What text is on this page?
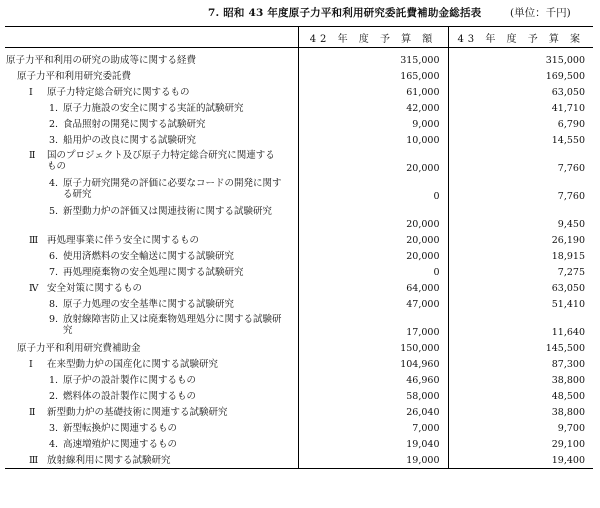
7. 昭和 43 年度原子力平和利用研究委託費補助金総括表	(単位：千円)
	42 年 度 予 算 額	43 年 度 予 算 案

原子力平和利用の研究の助成等に関する経費	315,000	315,000

原子力平和利用研究委託費	165,000	169,500

Ⅰ 原子力特定総合研究に関するもの	61,000	63,050

1. 原子力施設の安全に関する実証的試験研究	42,000	41,710

2. 食品照射の開発に関する試験研究	9,000	6,790

3. 船用炉の改良に関する試験研究	10,000	14,550

Ⅱ 国のプロジェクト及び原子力特定総合研究に関連するもの	20,000	7,760

4. 原子力研究開発の評価に必要なコードの開発に関する研究	0	7,760

5. 新型動力炉の評価又は関連技術に関する試験研究	20,000	9,450

Ⅲ 再処理事業に伴う安全に関するもの	20,000	26,190

6. 使用済燃料の安全輸送に関する試験研究	20,000	18,915

7. 再処理廃棄物の安全処理に関する試験研究	0	7,275

Ⅳ 安全対策に関するもの	64,000	63,050

8. 原子力処理の安全基準に関する試験研究	47,000	51,410

9. 放射線障害防止又は廃棄物処理処分に関する試験研究	17,000	11,640

原子力平和利用研究費補助金	150,000	145,500

Ⅰ 在来型動力炉の国産化に関する試験研究	104,960	87,300

1. 原子炉の設計製作に関するもの	46,960	38,800

2. 燃料体の設計製作に関するもの	58,000	48,500

Ⅱ 新型動力炉の基礎技術に関連する試験研究	26,040	38,800

3. 新型転換炉に関連するもの	7,000	9,700

4. 高速増殖炉に関連するもの	19,040	29,100

Ⅲ 放射線利用に関する試験研究	19,000	19,400
